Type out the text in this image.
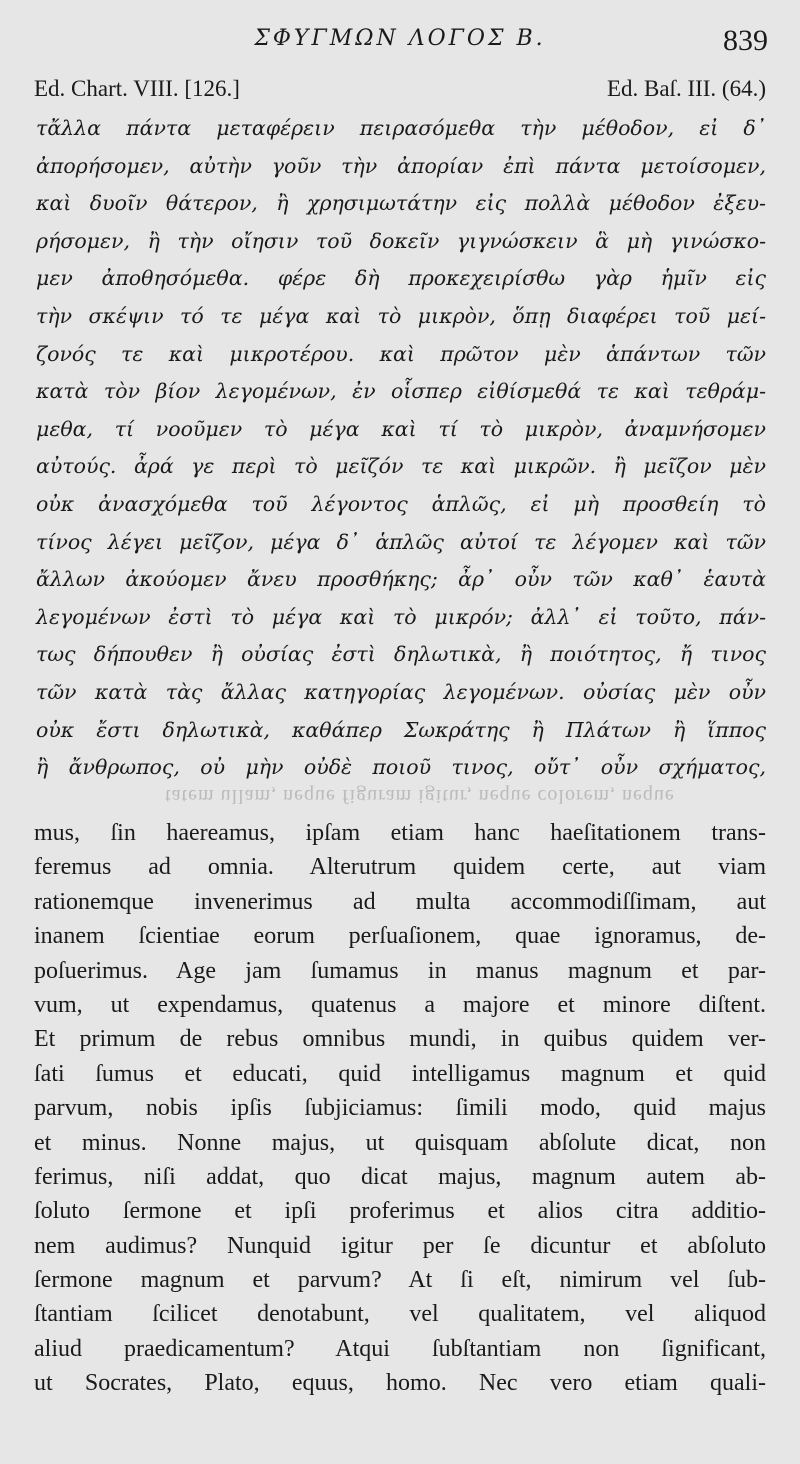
ΣΦΥΓΜΩΝ ΛΟΓΟΣ Β.	839
Ed. Chart. VIII. [126.]	Ed. Baſ. III. (64.)
τἄλλα πάντα μεταφέρειν πειρασόμεθα τὴν μέθοδον, εἰ δ᾽
ἀπορήσομεν, αὐτὴν γοῦν τὴν ἀπορίαν ἐπὶ πάντα μετοίσομεν,
καὶ δυοῖν θάτερον, ἢ χρησιμωτάτην εἰς πολλὰ μέθοδον ἐξευ-
ρήσομεν, ἢ τὴν οἴησιν τοῦ δοκεῖν γιγνώσκειν ἃ μὴ γινώσκο-
μεν ἀποθησόμεθα. φέρε δὴ προκεχειρίσθω γὰρ ἡμῖν εἰς
τὴν σκέψιν τό τε μέγα καὶ τὸ μικρὸν, ὅπῃ διαφέρει τοῦ μεί-
ζονός τε καὶ μικροτέρου. καὶ πρῶτον μὲν ἁπάντων τῶν
κατὰ τὸν βίον λεγομένων, ἐν οἷσπερ εἰθίσμεθά τε καὶ τεθράμ-
μεθα, τί νοοῦμεν τὸ μέγα καὶ τί τὸ μικρὸν, ἀναμνήσομεν
αὐτούς. ἆρά γε περὶ τὸ μεῖζόν τε καὶ μικρῶν. ἢ μεῖζον μὲν
οὐκ ἀνασχόμεθα τοῦ λέγοντος ἁπλῶς, εἰ μὴ προσθείη τὸ
τίνος λέγει μεῖζον, μέγα δ᾽ ἁπλῶς αὐτοί τε λέγομεν καὶ τῶν
ἄλλων ἀκούομεν ἄνευ προσθήκης; ἆρ᾽ οὖν τῶν καθ᾽ ἑαυτὰ
λεγομένων ἐστὶ τὸ μέγα καὶ τὸ μικρόν; ἀλλ᾽ εἰ τοῦτο, πάν-
τως δήπουθεν ἢ οὐσίας ἐστὶ δηλωτικὰ, ἢ ποιότητος, ἤ τινος
τῶν κατὰ τὰς ἄλλας κατηγορίας λεγομένων. οὐσίας μὲν οὖν
οὐκ ἔστι δηλωτικὰ, καθάπερ Σωκράτης ἢ Πλάτων ἢ ἵππος
ἢ ἄνθρωπος, οὐ μὴν οὐδὲ ποιοῦ τινος, οὔτ᾽ οὖν σχήματος,
tatem ullam, neque figuram igitur, neque colorem, neque
mus, ſin haereamus, ipſam etiam hanc haeſitationem trans-
feremus ad omnia. Alterutrum quidem certe, aut viam
rationemque invenerimus ad multa accommodiſſimam, aut
inanem ſcientiae eorum perſuaſionem, quae ignoramus, de-
poſuerimus. Age jam ſumamus in manus magnum et par-
vum, ut expendamus, quatenus a majore et minore diſtent.
Et primum de rebus omnibus mundi, in quibus quidem ver-
ſati ſumus et educati, quid intelligamus magnum et quid
parvum, nobis ipſis ſubjiciamus: ſimili modo, quid majus
et minus. Nonne majus, ut quisquam abſolute dicat, non
ferimus, niſi addat, quo dicat majus, magnum autem ab-
ſoluto ſermone et ipſi proferimus et alios citra additio-
nem audimus? Nunquid igitur per ſe dicuntur et abſoluto
ſermone magnum et parvum? At ſi eſt, nimirum vel ſub-
ſtantiam ſcilicet denotabunt, vel qualitatem, vel aliquod
aliud praedicamentum? Atqui ſubſtantiam non ſignificant,
ut Socrates, Plato, equus, homo. Nec vero etiam quali-
